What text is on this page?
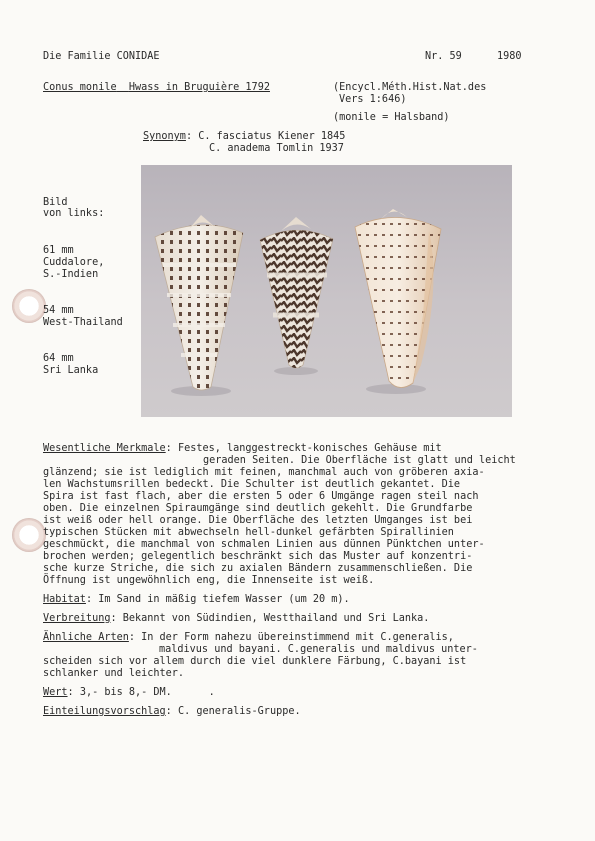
Die Familie CONIDAE	Nr. 59	1980
Conus monile Hwass in Bruguière 1792	(Encycl.Méth.Hist.Nat.des
Vers 1:646)
(monile = Halsband)
Synonym: C. fasciatus Kiener 1845
C. anadema Tomlin 1937
Bild
von links:
61 mm
Cuddalore,
S.-Indien
54 mm
West-Thailand
64 mm
Sri Lanka
Wesentliche Merkmale: Festes, langgestreckt-konisches Gehäuse mit
geraden Seiten. Die Oberfläche ist glatt und leicht
glänzend; sie ist lediglich mit feinen, manchmal auch von gröberen axia-
len Wachstumsrillen bedeckt. Die Schulter ist deutlich gekantet. Die
Spira ist fast flach, aber die ersten 5 oder 6 Umgänge ragen steil nach
oben. Die einzelnen Spiraumgänge sind deutlich gekehlt. Die Grundfarbe
ist weiß oder hell orange. Die Oberfläche des letzten Umganges ist bei
typischen Stücken mit abwechseln hell-dunkel gefärbten Spirallinien
geschmückt, die manchmal von schmalen Linien aus dünnen Pünktchen unter-
brochen werden; gelegentlich beschränkt sich das Muster auf konzentri-
sche kurze Striche, die sich zu axialen Bändern zusammenschließen. Die
Öffnung ist ungewöhnlich eng, die Innenseite ist weiß.
Habitat: Im Sand in mäßig tiefem Wasser (um 20 m).
Verbreitung: Bekannt von Südindien, Westthailand und Sri Lanka.
Ähnliche Arten: In der Form nahezu übereinstimmend mit C.generalis,
maldivus und bayani. C.generalis und maldivus unter-
scheiden sich vor allem durch die viel dunklere Färbung, C.bayani ist
schlanker und leichter.
Wert: 3,- bis 8,- DM.      .
Einteilungsvorschlag: C. generalis-Gruppe.
